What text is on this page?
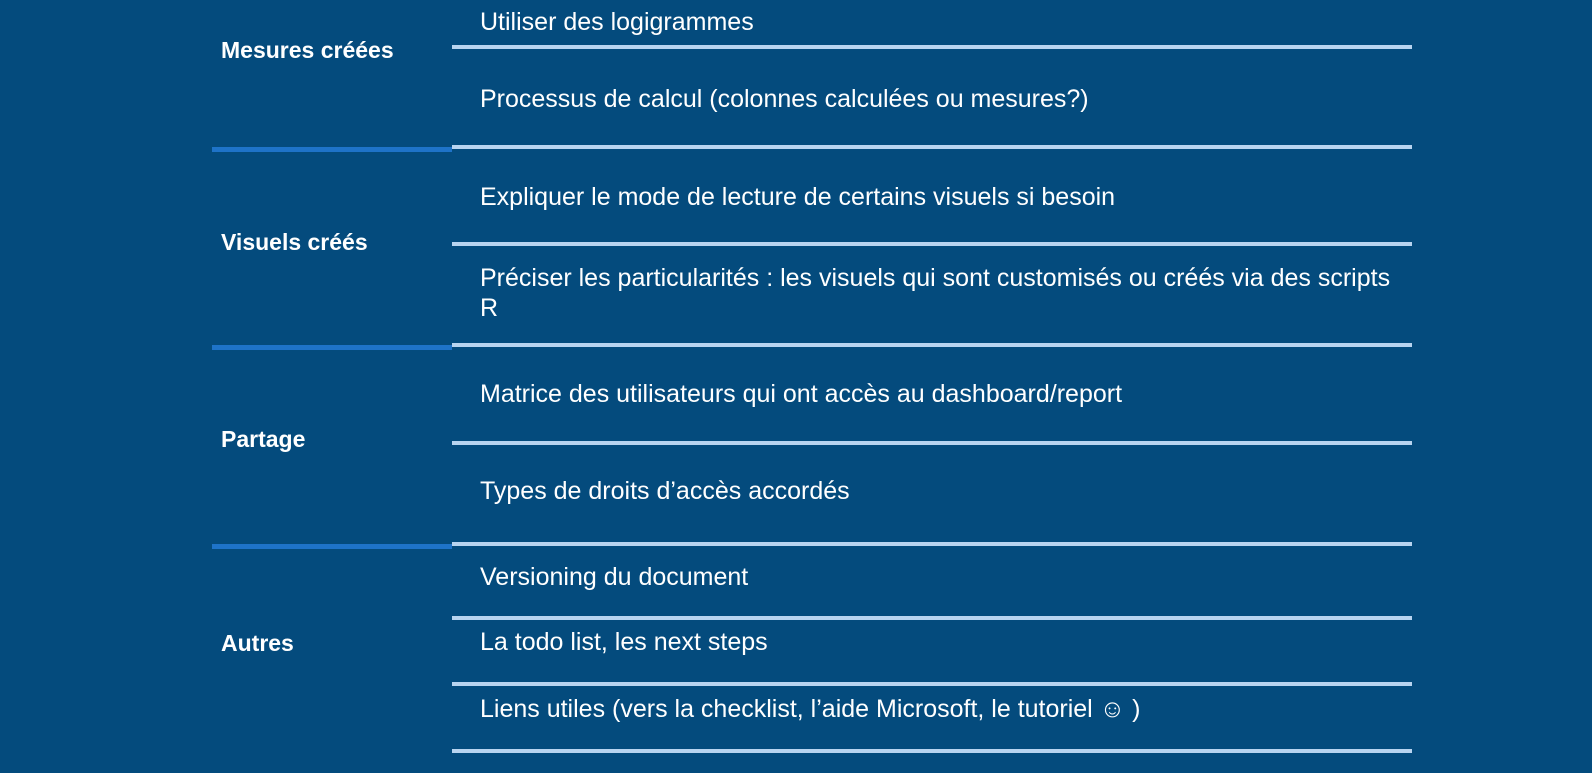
Mesures créées
Utiliser des logigrammes
Processus de calcul (colonnes calculées ou mesures?)
Visuels créés
Expliquer le mode de lecture de certains visuels si besoin
Préciser les particularités : les visuels qui sont customisés ou créés via des scripts R
Partage
Matrice des utilisateurs qui ont accès au dashboard/report
Types de droits d’accès accordés
Autres
Versioning du document
La todo list, les next steps
Liens utiles (vers la checklist, l’aide Microsoft, le tutoriel ☺ )
